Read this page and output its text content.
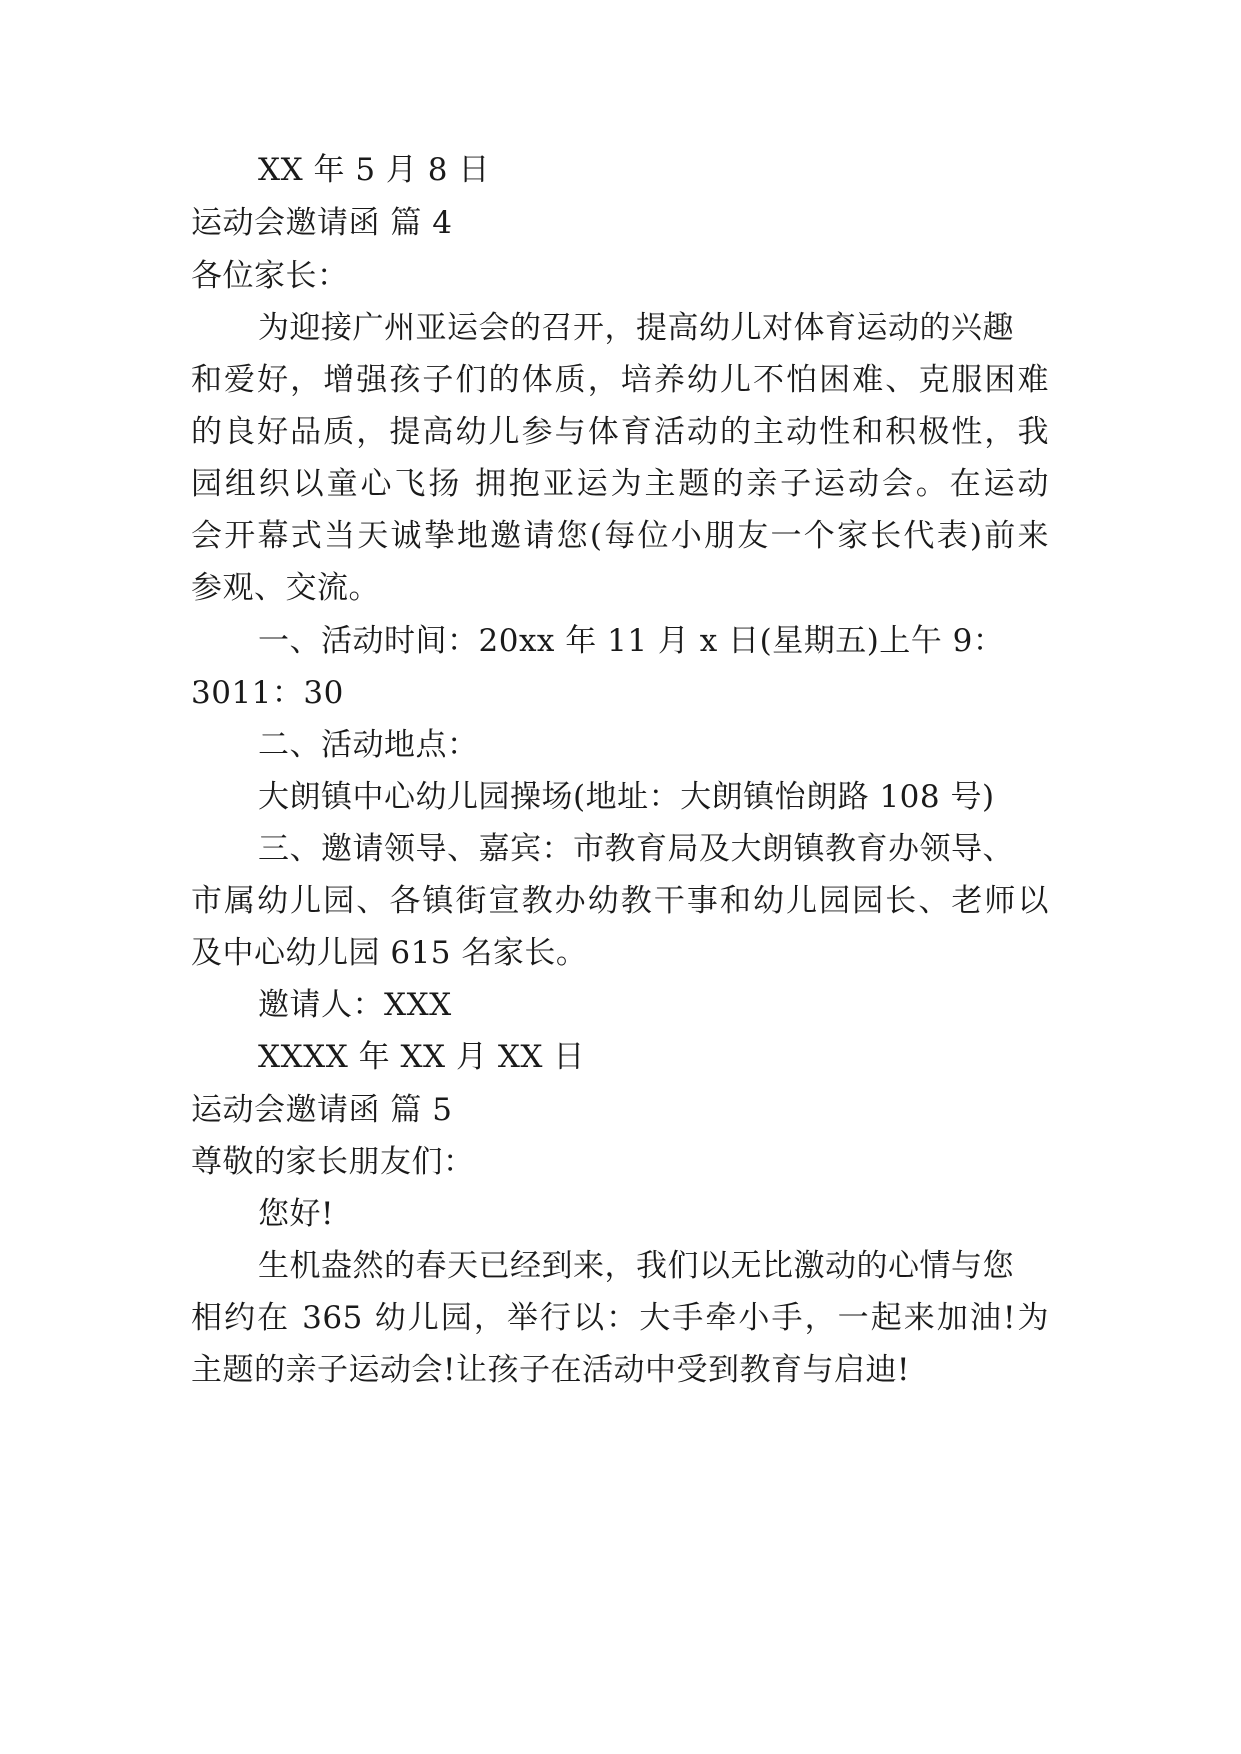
XX 年 5 月 8 日
运动会邀请函 篇 4
各位家长：
为迎接广州亚运会的召开，提高幼儿对体育运动的兴趣
和爱好，增强孩子们的体质，培养幼儿不怕困难、克服困难
的良好品质，提高幼儿参与体育活动的主动性和积极性，我
园组织以童心飞扬 拥抱亚运为主题的亲子运动会。在运动
会开幕式当天诚挚地邀请您(每位小朋友一个家长代表)前来
参观、交流。
一、活动时间：20xx 年 11 月 x 日(星期五)上午 9：
3011：30
二、活动地点：
大朗镇中心幼儿园操场(地址：大朗镇怡朗路 108 号)
三、邀请领导、嘉宾：市教育局及大朗镇教育办领导、
市属幼儿园、各镇街宣教办幼教干事和幼儿园园长、老师以
及中心幼儿园 615 名家长。
邀请人：XXX
XXXX 年 XX 月 XX 日
运动会邀请函 篇 5
尊敬的家长朋友们：
您好!
生机盎然的春天已经到来，我们以无比激动的心情与您
相约在 365 幼儿园，举行以：大手牵小手，一起来加油!为
主题的亲子运动会!让孩子在活动中受到教育与启迪!
